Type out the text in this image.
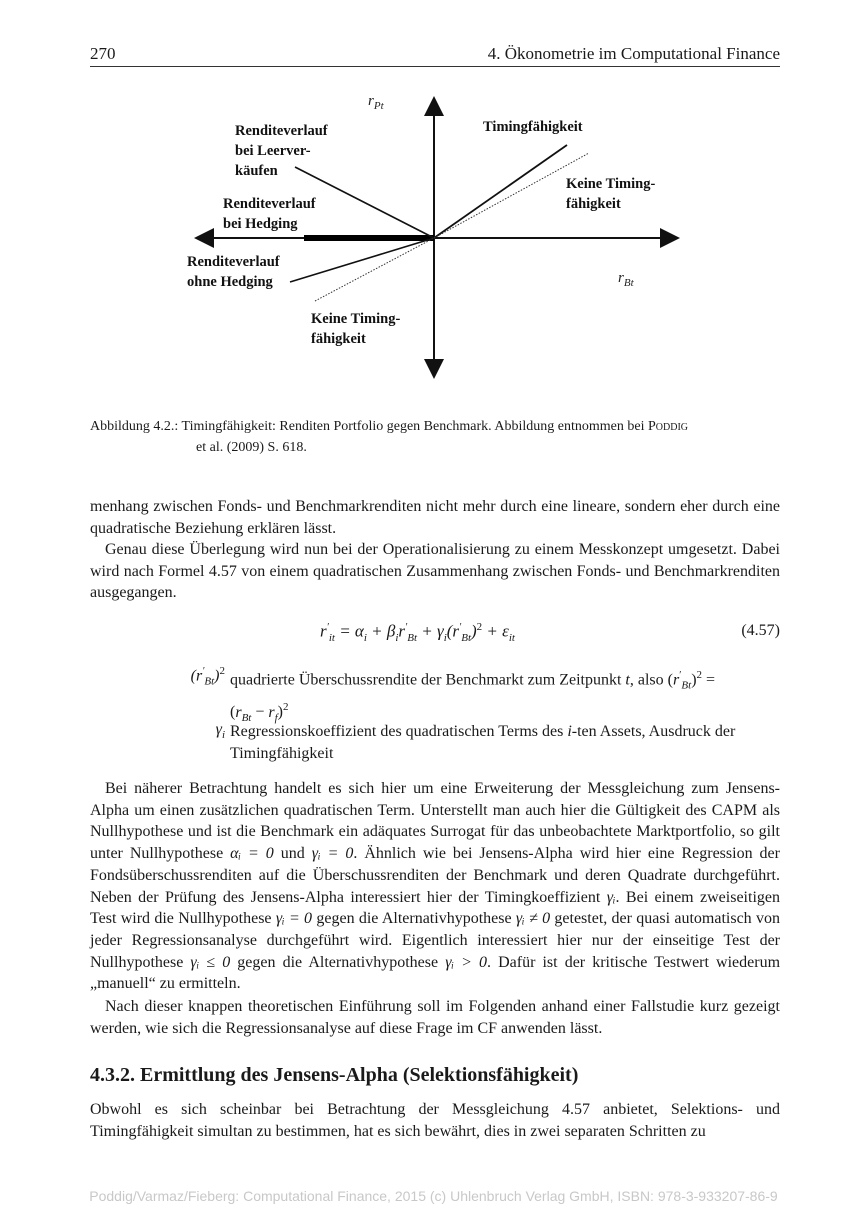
270	4. Ökonometrie im Computational Finance
$r_{Pt}$
$r_{Bt}$
Renditeverlauf
bei Leerver-
käufen
Renditeverlauf
bei Hedging
Renditeverlauf
ohne Hedging
Timingfähigkeit
Keine Timing-
fähigkeit
Keine Timing-
fähigkeit
Abbildung 4.2.: Timingfähigkeit: Renditen Portfolio gegen Benchmark. Abbildung entnommen bei Poddig
et al. (2009) S. 618.
menhang zwischen Fonds- und Benchmarkrenditen nicht mehr durch eine lineare, sondern eher durch eine quadratische Beziehung erklären lässt.
Genau diese Überlegung wird nun bei der Operationalisierung zu einem Messkonzept umgesetzt. Dabei wird nach Formel 4.57 von einem quadratischen Zusammenhang zwischen Fonds- und Benchmarkrenditen ausgegangen.
$r'_{it} = \alpha_i + \beta_ir'_{Bt} + \gamma_i(r'_{Bt})^2 + \varepsilon_{it}$	(4.57)
$(r'_{Bt})^2$
quadrierte Überschussrendite der Benchmarkt zum Zeitpunkt t, also $(r'_{Bt})^2$ =
$(r_{Bt} - r_f)^2$
$\gamma_i$ Regressionskoeffizient des quadratischen Terms des i-ten Assets, Ausdruck der Timingfähigkeit
Bei näherer Betrachtung handelt es sich hier um eine Erweiterung der Messgleichung zum Jensens-Alpha um einen zusätzlichen quadratischen Term. Unterstellt man auch hier die Gültigkeit des CAPM als Nullhypothese und ist die Benchmark ein adäquates Surrogat für das unbeobachtete Marktportfolio, so gilt unter Nullhypothese αᵢ = 0 und γᵢ = 0. Ähnlich wie bei Jensens-Alpha wird hier eine Regression der Fondsüberschussrenditen auf die Überschussrenditen der Benchmark und deren Quadrate durchgeführt. Neben der Prüfung des Jensens-Alpha interessiert hier der Timingkoeffizient γᵢ. Bei einem zweiseitigen Test wird die Nullhypothese γᵢ = 0 gegen die Alternativhypothese γᵢ ≠ 0 getestet, der quasi automatisch von jeder Regressionsanalyse durchgeführt wird. Eigentlich interessiert hier nur der einseitige Test der Nullhypothese γᵢ ≤ 0 gegen die Alternativhypothese γᵢ > 0. Dafür ist der kritische Testwert wiederum „manuell“ zu ermitteln.
Nach dieser knappen theoretischen Einführung soll im Folgenden anhand einer Fallstudie kurz gezeigt werden, wie sich die Regressionsanalyse auf diese Frage im CF anwenden lässt.
4.3.2. Ermittlung des Jensens-Alpha (Selektionsfähigkeit)
Obwohl es sich scheinbar bei Betrachtung der Messgleichung 4.57 anbietet, Selektions- und Timingfähigkeit simultan zu bestimmen, hat es sich bewährt, dies in zwei separaten Schritten zu
Poddig/Varmaz/Fieberg: Computational Finance, 2015 (c) Uhlenbruch Verlag GmbH, ISBN: 978-3-933207-86-9
